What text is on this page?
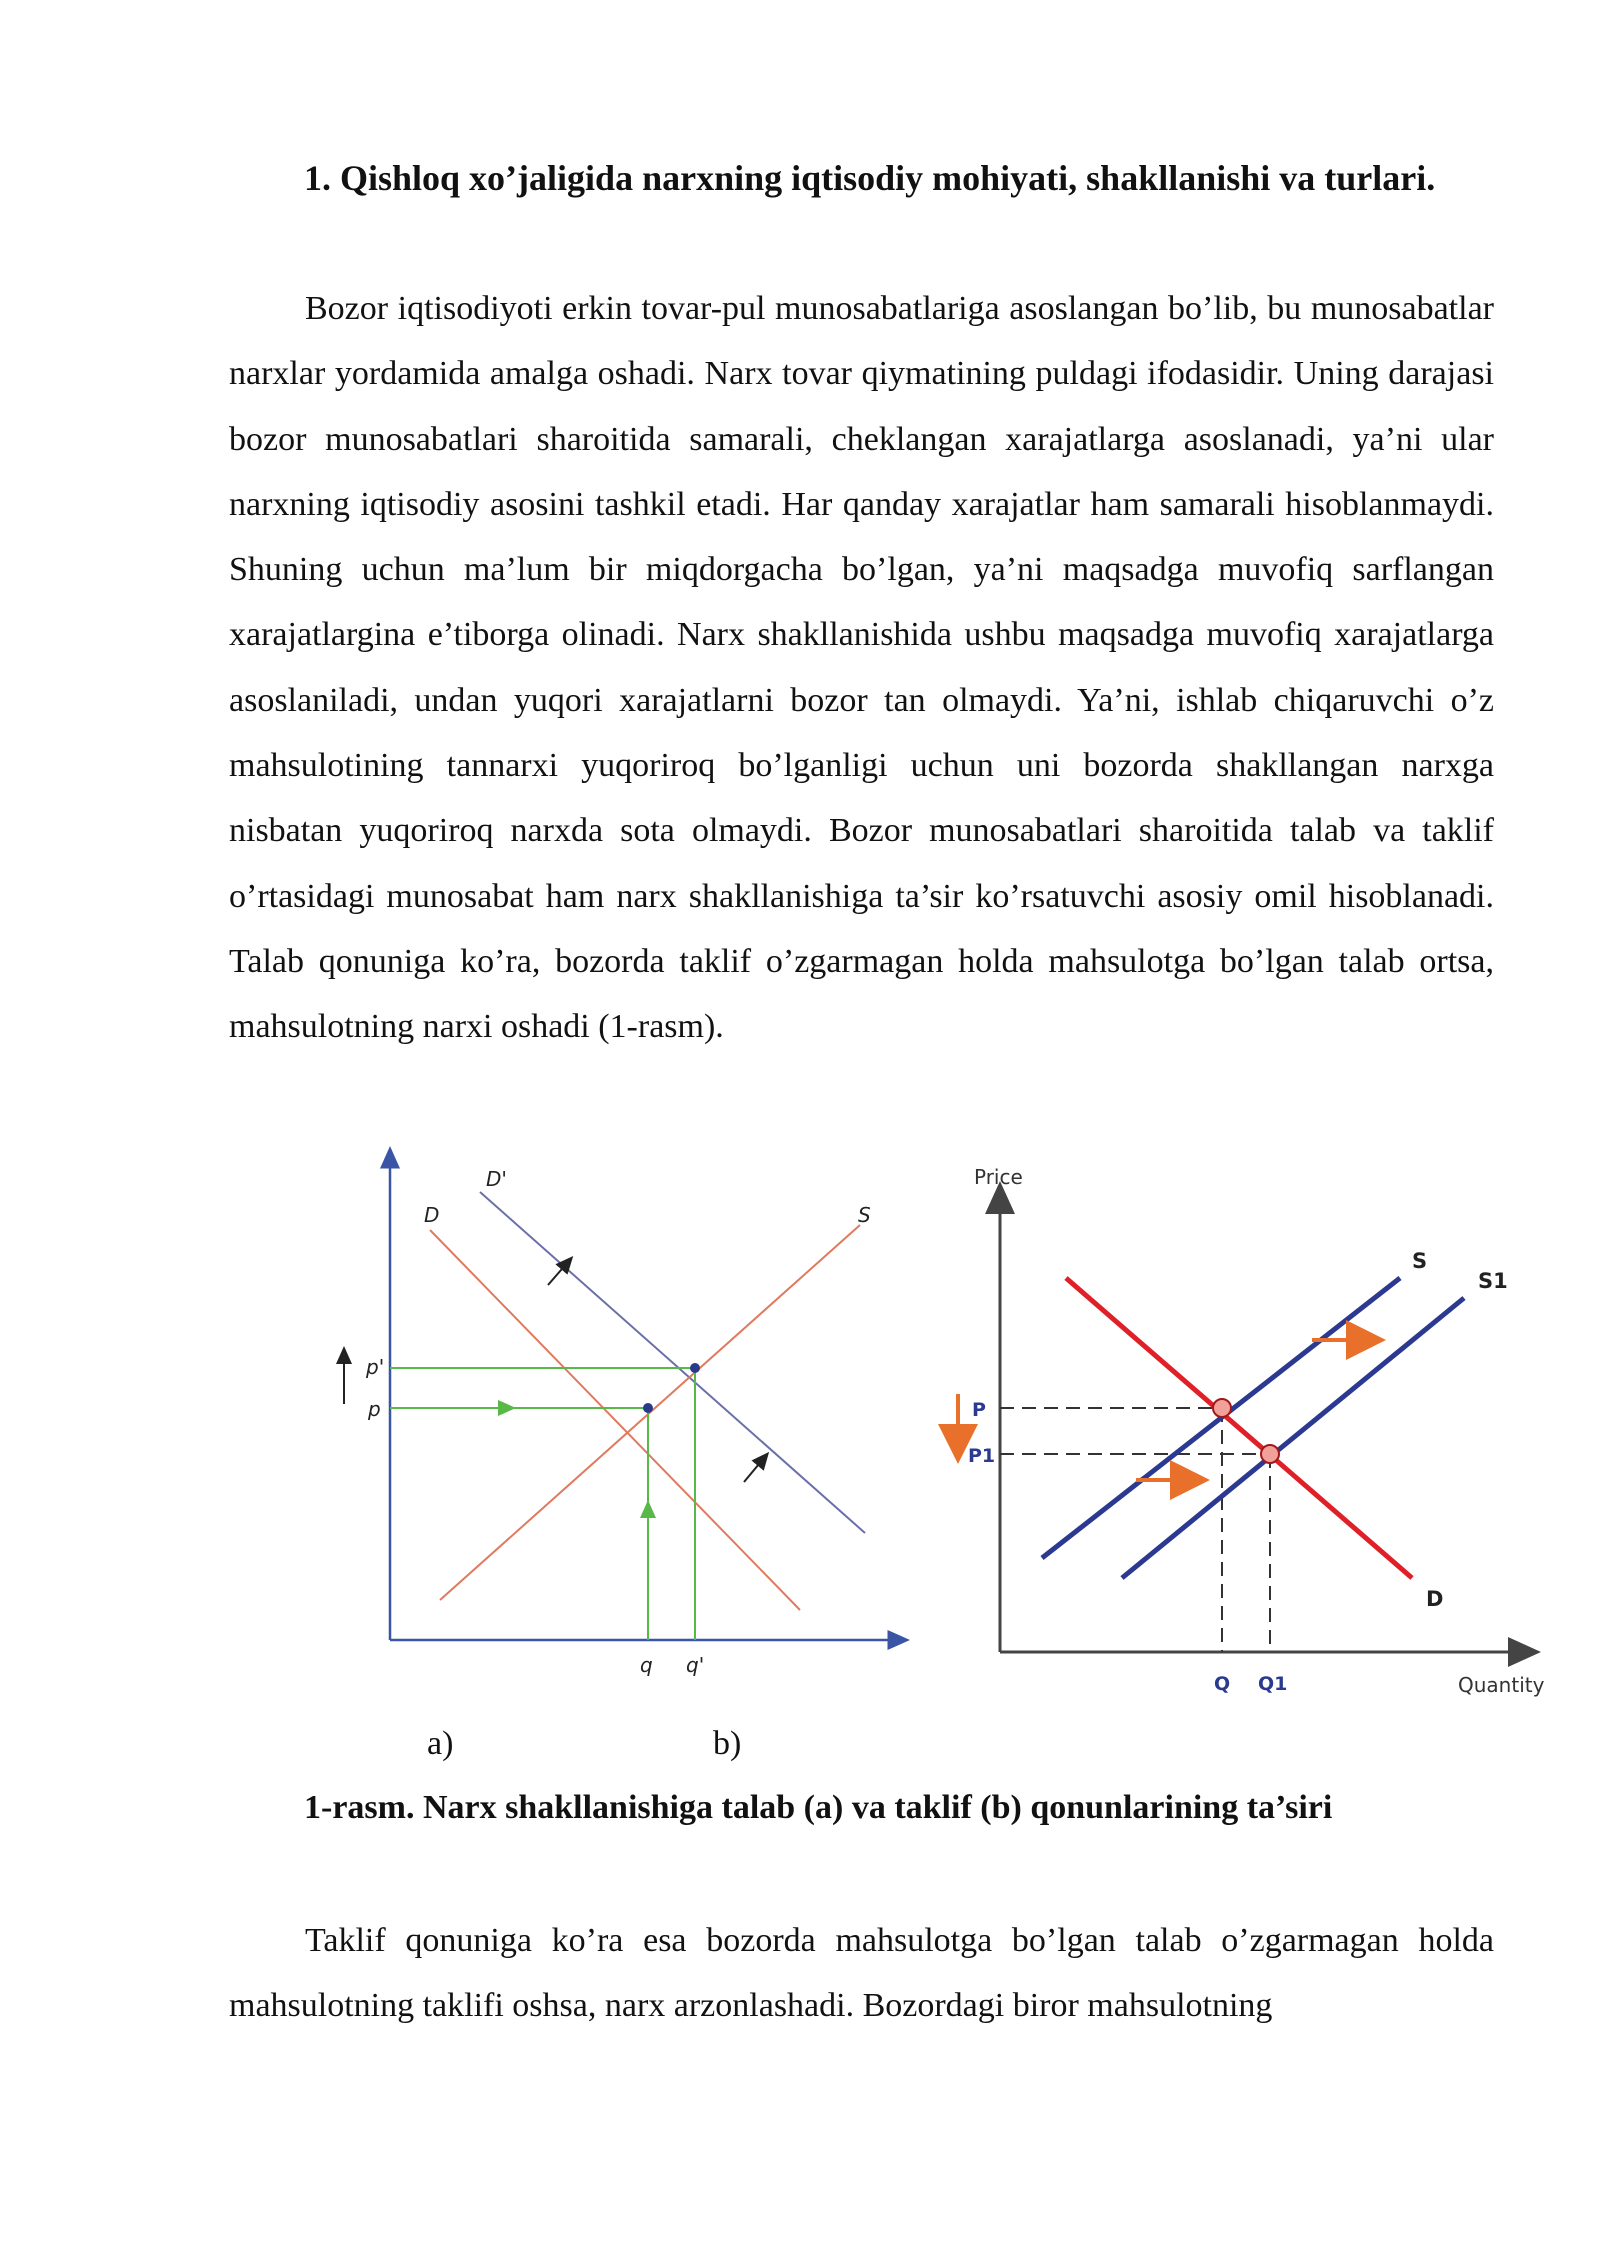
1. Qishloq xo’jaligida narxning iqtisodiy mohiyati, shakllanishi va turlari.

Bozor iqtisodiyoti erkin tovar-pul munosabatlariga asoslangan bo’lib, bu munosabatlar narxlar yordamida amalga oshadi. Narx tovar qiymatining puldagi ifodasidir. Uning darajasi bozor munosabatlari sharoitida samarali, cheklangan xarajatlarga asoslanadi, ya’ni ular narxning iqtisodiy asosini tashkil etadi. Har qanday xarajatlar ham samarali hisoblanmaydi. Shuning uchun ma’lum bir miqdorgacha bo’lgan, ya’ni maqsadga muvofiq sarflangan xarajatlargina e’tiborga olinadi. Narx shakllanishida ushbu maqsadga muvofiq xarajatlarga asoslaniladi, undan yuqori xarajatlarni bozor tan olmaydi. Ya’ni, ishlab chiqaruvchi o’z mahsulotining tannarxi yuqoriroq bo’lganligi uchun uni bozorda shakllangan narxga nisbatan yuqoriroq narxda sota olmaydi. Bozor munosabatlari sharoitida talab va taklif o’rtasidagi munosabat ham narx shakllanishiga ta’sir ko’rsatuvchi asosiy omil hisoblanadi. Talab qonuniga ko’ra, bozorda taklif o’zgarmagan holda mahsulotga bo’lgan talab ortsa, mahsulotning narxi oshadi (1-rasm).

D
D'
S
p'
p
q q'
Price
Quantity
S
S1
D
P
P1
Q Q1
a)	b)

1-rasm. Narx shakllanishiga talab (a) va taklif (b) qonunlarining ta’siri

Taklif qonuniga ko’ra esa bozorda mahsulotga bo’lgan talab o’zgarmagan holda mahsulotning taklifi oshsa, narx arzonlashadi. Bozordagi biror mahsulotning
